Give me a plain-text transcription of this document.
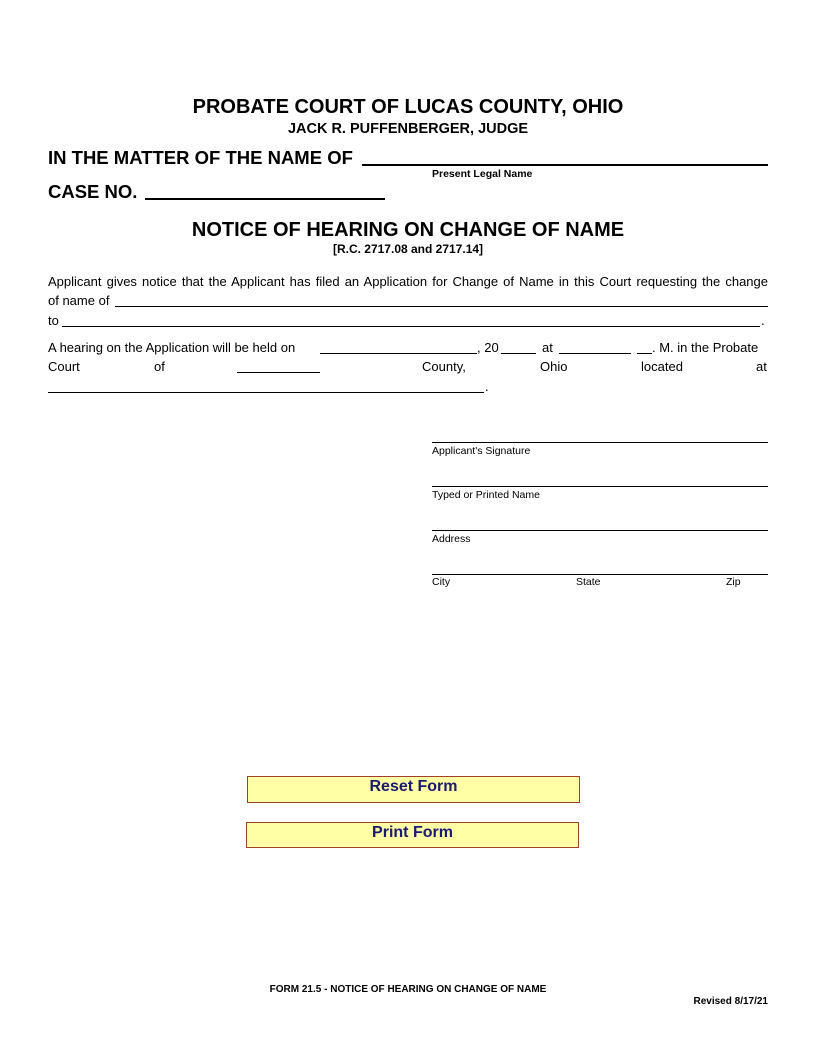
PROBATE COURT OF LUCAS COUNTY, OHIO
JACK R. PUFFENBERGER, JUDGE
IN THE MATTER OF THE NAME OF
Present Legal Name
CASE NO.
NOTICE OF HEARING ON CHANGE OF NAME
[R.C. 2717.08 and 2717.14]
Applicant gives notice that the Applicant has filed an Application for Change of Name in this Court requesting the change
of name of
to	.
A hearing on the Application will be held on	, 20	at	. M. in the Probate
Court	of	County,	Ohio	located	at
.
Applicant's Signature
Typed or Printed Name
Address
City	State	Zip
Reset Form
Print Form
FORM 21.5 - NOTICE OF HEARING ON CHANGE OF NAME
Revised 8/17/21
